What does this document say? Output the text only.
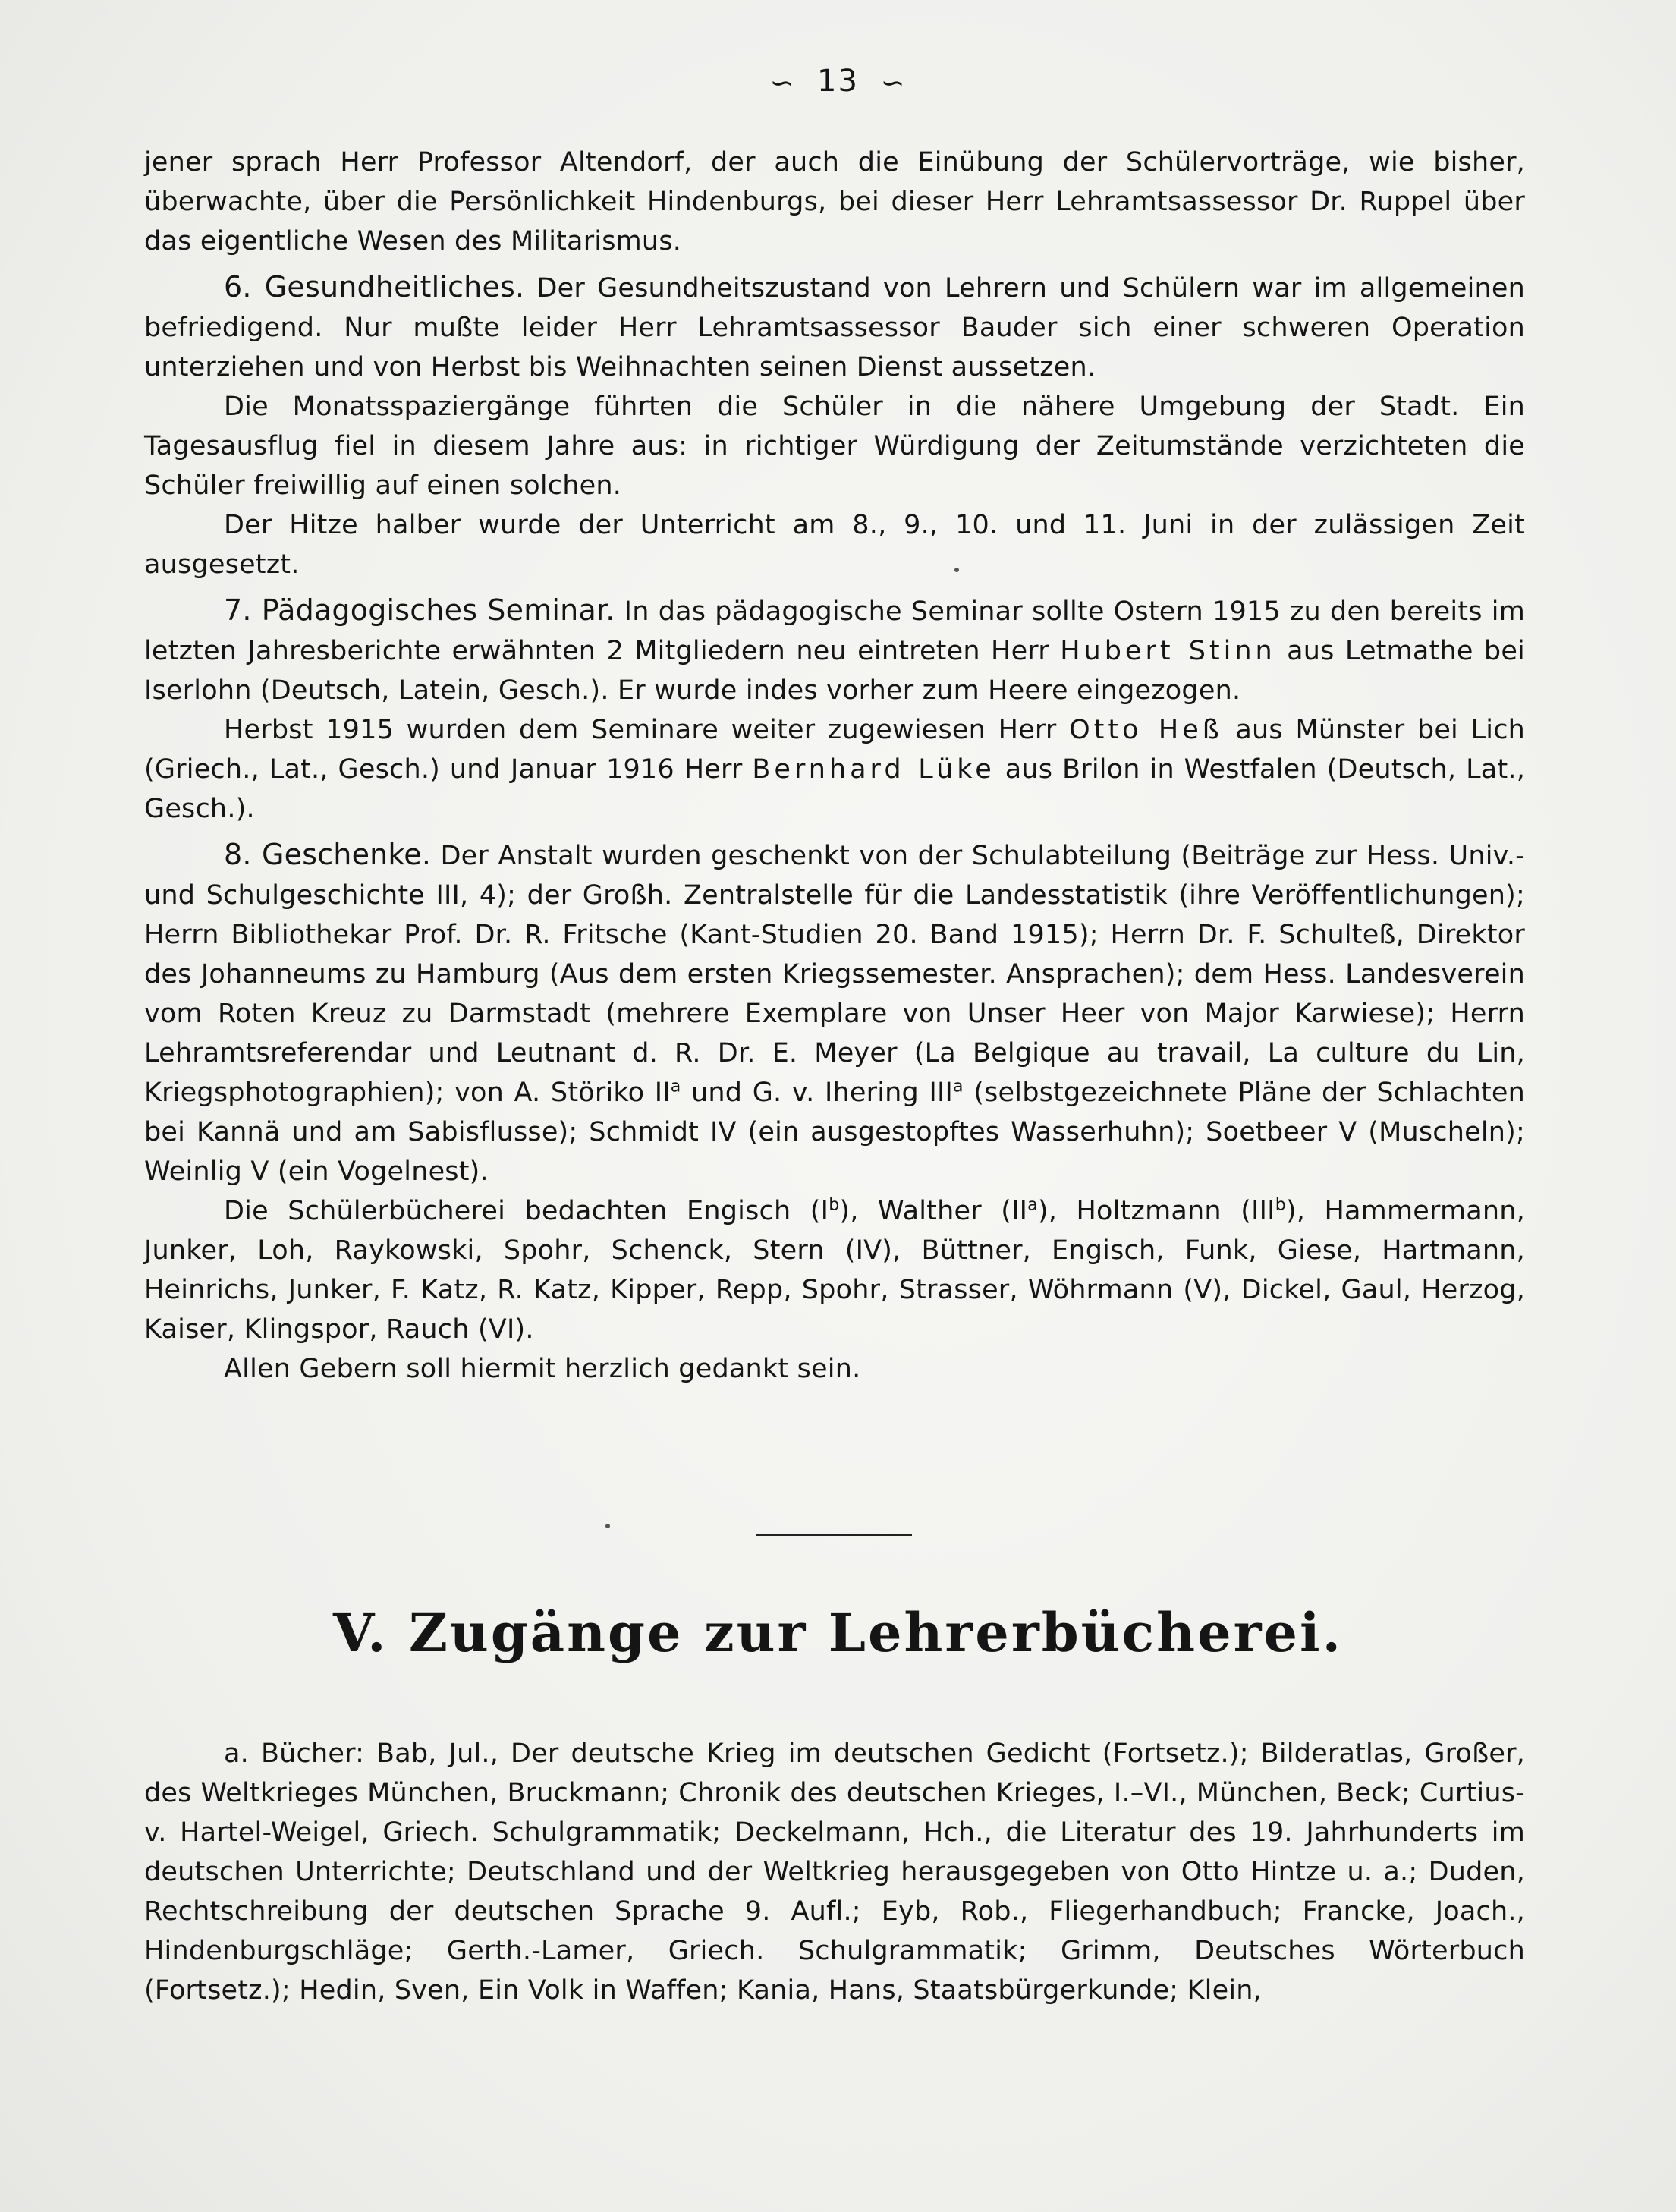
∽ 13 ∽

jener sprach Herr Professor Altendorf, der auch die Einübung der Schülervorträge, wie bisher, überwachte, über die Persönlichkeit Hindenburgs, bei dieser Herr Lehramtsassessor Dr. Ruppel über das eigentliche Wesen des Militarismus.

6. Gesundheitliches. Der Gesundheitszustand von Lehrern und Schülern war im allgemeinen befriedigend. Nur mußte leider Herr Lehramtsassessor Bauder sich einer schweren Operation unterziehen und von Herbst bis Weihnachten seinen Dienst aussetzen.

Die Monatsspaziergänge führten die Schüler in die nähere Umgebung der Stadt. Ein Tagesausflug fiel in diesem Jahre aus: in richtiger Würdigung der Zeitumstände verzichteten die Schüler freiwillig auf einen solchen.

Der Hitze halber wurde der Unterricht am 8., 9., 10. und 11. Juni in der zulässigen Zeit ausgesetzt.

7. Pädagogisches Seminar. In das pädagogische Seminar sollte Ostern 1915 zu den bereits im letzten Jahresberichte erwähnten 2 Mitgliedern neu eintreten Herr Hubert Stinn aus Letmathe bei Iserlohn (Deutsch, Latein, Gesch.). Er wurde indes vorher zum Heere eingezogen.

Herbst 1915 wurden dem Seminare weiter zugewiesen Herr Otto Heß aus Münster bei Lich (Griech., Lat., Gesch.) und Januar 1916 Herr Bernhard Lüke aus Brilon in Westfalen (Deutsch, Lat., Gesch.).

8. Geschenke. Der Anstalt wurden geschenkt von der Schulabteilung (Beiträge zur Hess. Univ.- und Schulgeschichte III, 4); der Großh. Zentralstelle für die Landesstatistik (ihre Veröffentlichungen); Herrn Bibliothekar Prof. Dr. R. Fritsche (Kant-Studien 20. Band 1915); Herrn Dr. F. Schulteß, Direktor des Johanneums zu Hamburg (Aus dem ersten Kriegssemester. Ansprachen); dem Hess. Landesverein vom Roten Kreuz zu Darmstadt (mehrere Exemplare von Unser Heer von Major Karwiese); Herrn Lehramtsreferendar und Leutnant d. R. Dr. E. Meyer (La Belgique au travail, La culture du Lin, Kriegsphotographien); von A. Störiko $II^a$ und G. v. Ihering III$^a$ (selbstgezeichnete Pläne der Schlachten bei Kannä und am Sabisflusse); Schmidt IV (ein ausgestopftes Wasserhuhn); Soetbeer V (Muscheln); Weinlig V (ein Vogelnest).

Die Schülerbücherei bedachten Engisch $(I^b)$, Walther $(II^a)$, Holtzmann (III$^b$), Hammermann, Junker, Loh, Raykowski, Spohr, Schenck, Stern (IV), Büttner, Engisch, Funk, Giese, Hartmann, Heinrichs, Junker, F. Katz, R. Katz, Kipper, Repp, Spohr, Strasser, Wöhrmann (V), Dickel, Gaul, Herzog, Kaiser, Klingspor, Rauch (VI).

Allen Gebern soll hiermit herzlich gedankt sein.

V. Zugänge zur Lehrerbücherei.

a. Bücher: Bab, Jul., Der deutsche Krieg im deutschen Gedicht (Fortsetz.); Bilderatlas, Großer, des Weltkrieges München, Bruckmann; Chronik des deutschen Krieges, I.–VI., München, Beck; Curtius- v. Hartel-Weigel, Griech. Schulgrammatik; Deckelmann, Hch., die Literatur des 19. Jahrhunderts im deutschen Unterrichte; Deutschland und der Weltkrieg herausgegeben von Otto Hintze u. a.; Duden, Rechtschreibung der deutschen Sprache 9. Aufl.; Eyb, Rob., Fliegerhandbuch; Francke, Joach., Hindenburgschläge; Gerth.-Lamer, Griech. Schulgrammatik; Grimm, Deutsches Wörterbuch (Fortsetz.); Hedin, Sven, Ein Volk in Waffen; Kania, Hans, Staatsbürgerkunde; Klein,
